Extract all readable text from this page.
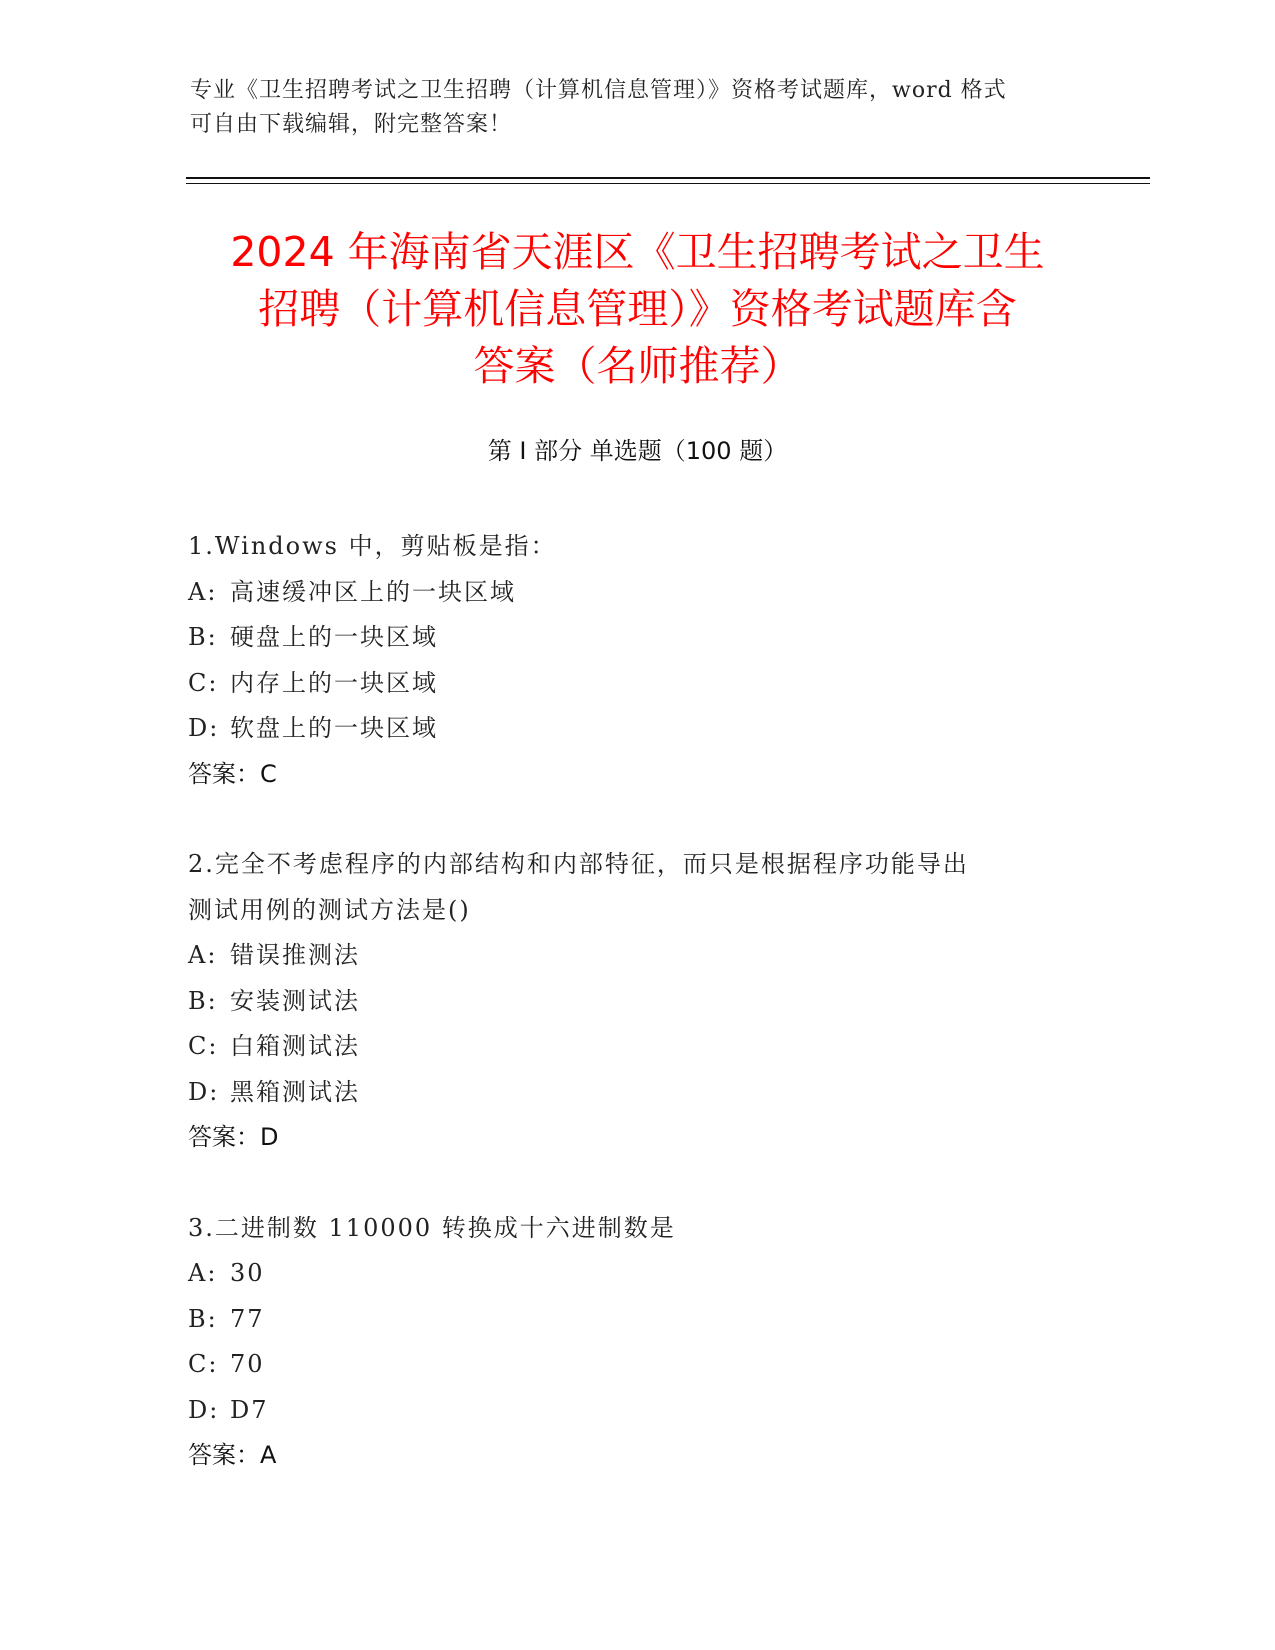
专业《卫生招聘考试之卫生招聘（计算机信息管理）》资格考试题库，word 格式
可自由下载编辑，附完整答案！
2024 年海南省天涯区《卫生招聘考试之卫生
招聘（计算机信息管理）》资格考试题库含
答案（名师推荐）
第 I 部分 单选题（100 题）
1.Windows 中，剪贴板是指：
A: 高速缓冲区上的一块区域
B: 硬盘上的一块区域
C: 内存上的一块区域
D: 软盘上的一块区域
答案：C
2.完全不考虑程序的内部结构和内部特征，而只是根据程序功能导出
测试用例的测试方法是()
A: 错误推测法
B: 安装测试法
C: 白箱测试法
D: 黑箱测试法
答案：D
3.二进制数 110000 转换成十六进制数是
A: 30
B: 77
C: 70
D: D7
答案：A
